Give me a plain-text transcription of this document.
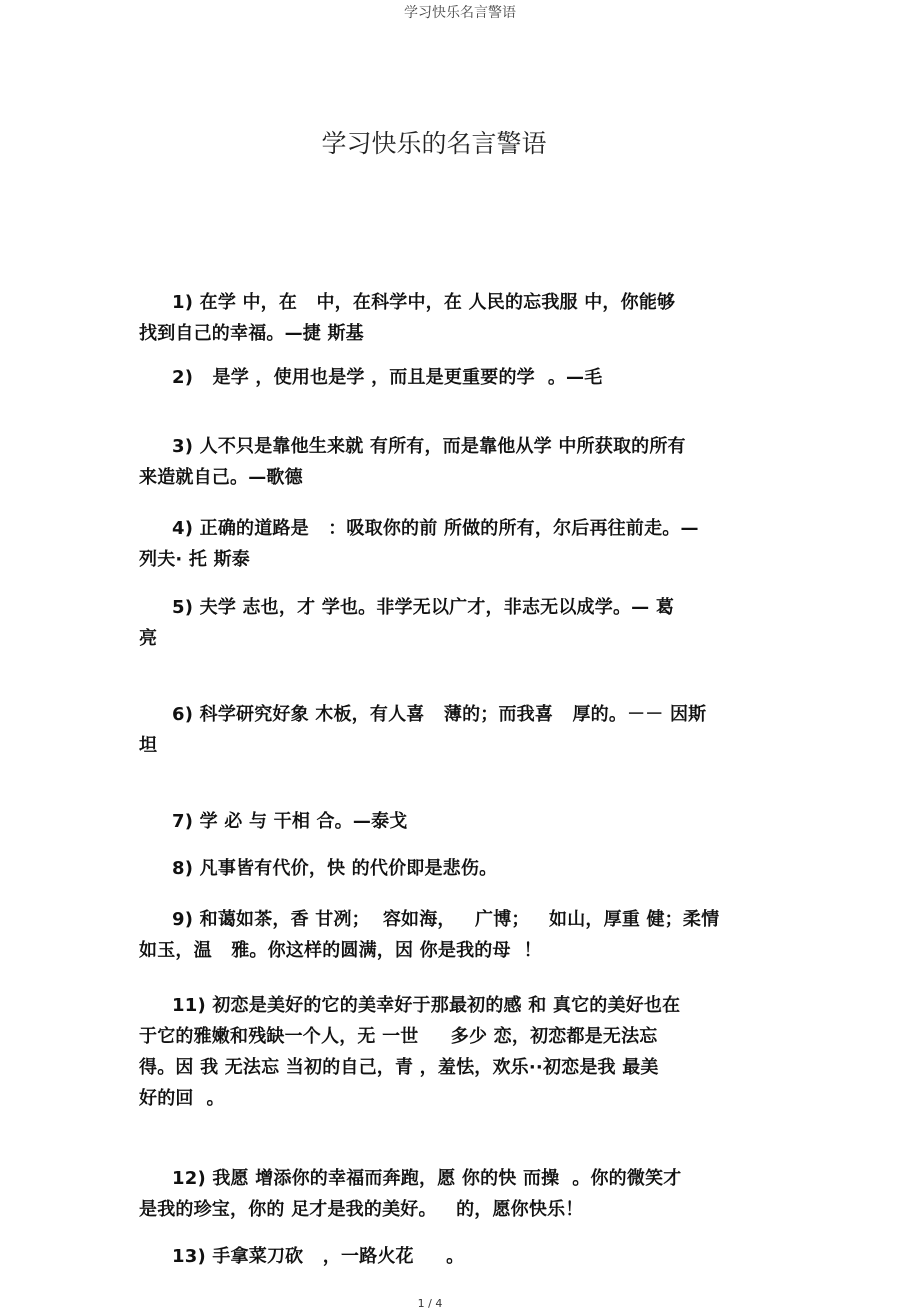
学习快乐名言警语
学习快乐的名言警语

1) 在学 中，在   中，在科学中，在 人民的忘我服 中，你能够
找到自己的幸福。—捷 斯基

2)   是学 ，使用也是学 ，而且是更重要的学  。—毛

3) 人不只是靠他生来就 有所有，而是靠他从学 中所获取的所有
来造就自己。—歌德

4) 正确的道路是   ：吸取你的前 所做的所有，尔后再往前走。—
列夫· 托 斯泰

5) 夫学 志也，才 学也。非学无以广才，非志无以成学。— 葛
亮

6) 科学研究好象 木板，有人喜   薄的；而我喜   厚的。－－ 因斯
坦

7) 学 必 与 干相 合。—泰戈

8) 凡事皆有代价，快 的代价即是悲伤。

9) 和蔼如茶，香 甘冽；  容如海，   广博；   如山，厚重 健；柔情
如玉，温   雅。你这样的圆满，因 你是我的母  ！

11) 初恋是美好的它的美幸好于那最初的感 和 真它的美好也在
于它的雅嫩和残缺一个人，无 一世     多少 恋，初恋都是无法忘
得。因 我 无法忘 当初的自己，青 ，羞怯，欢乐··初恋是我 最美
好的回  。

12) 我愿 增添你的幸福而奔跑，愿 你的快 而操  。你的微笑才
是我的珍宝，你的 足才是我的美好。   的，愿你快乐！

13) 手拿菜刀砍   ，一路火花     。

1 / 4
